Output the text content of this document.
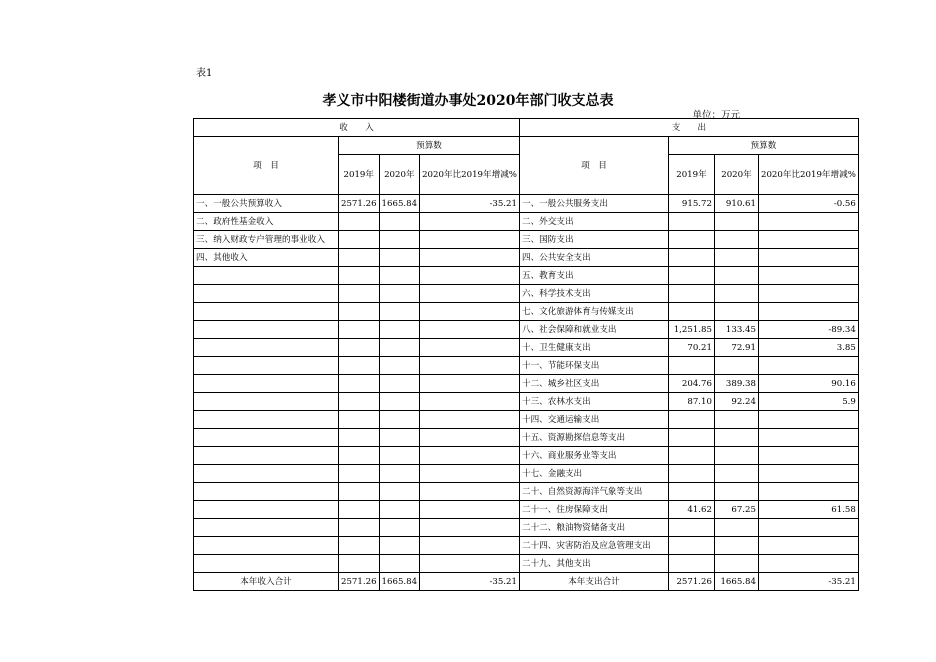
表1
孝义市中阳楼街道办事处2020年部门收支总表
单位：万元
收　　入				支　　出			
项　目	预算数			项　目	预算数		
	2019年	2020年	2020年比2019年增减%		2019年	2020年	2020年比2019年增减%
一、一般公共预算收入	2571.26	1665.84	-35.21	一、一般公共服务支出	915.72	910.61	-0.56
二、政府性基金收入				二、外交支出			
三、纳入财政专户管理的事业收入				三、国防支出			
四、其他收入				四、公共安全支出			
				五、教育支出			
				六、科学技术支出			
				七、文化旅游体育与传媒支出			
				八、社会保障和就业支出	1,251.85	133.45	-89.34
				十、卫生健康支出	70.21	72.91	3.85
				十一、节能环保支出			
				十二、城乡社区支出	204.76	389.38	90.16
				十三、农林水支出	87.10	92.24	5.9
				十四、交通运输支出			
				十五、资源勘探信息等支出			
				十六、商业服务业等支出			
				十七、金融支出			
				二十、自然资源海洋气象等支出			
				二十一、住房保障支出	41.62	67.25	61.58
				二十二、粮油物资储备支出			
				二十四、灾害防治及应急管理支出			
				二十九、其他支出			
本年收入合计	2571.26	1665.84	-35.21	本年支出合计	2571.26	1665.84	-35.21
